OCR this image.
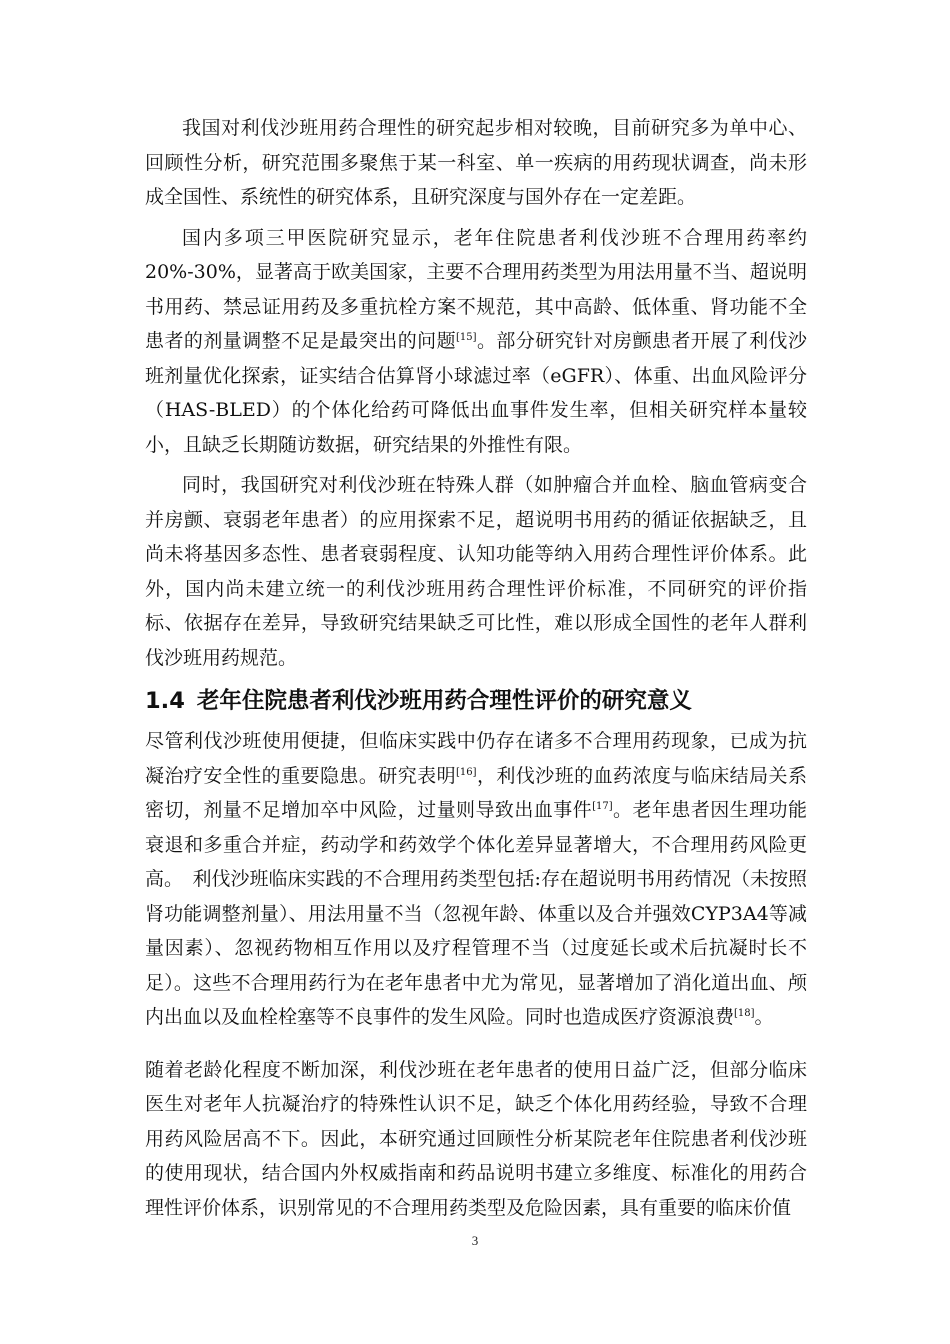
我国对利伐沙班用药合理性的研究起步相对较晚，目前研究多为单中心、回顾性分析，研究范围多聚焦于某一科室、单一疾病的用药现状调查，尚未形成全国性、系统性的研究体系，且研究深度与国外存在一定差距。

国内多项三甲医院研究显示，老年住院患者利伐沙班不合理用药率约 20%-30%，显著高于欧美国家，主要不合理用药类型为用法用量不当、超说明书用药、禁忌证用药及多重抗栓方案不规范，其中高龄、低体重、肾功能不全患者的剂量调整不足是最突出的问题[15]。部分研究针对房颤患者开展了利伐沙班剂量优化探索，证实结合估算肾小球滤过率（eGFR）、体重、出血风险评分（HAS-BLED）的个体化给药可降低出血事件发生率，但相关研究样本量较小，且缺乏长期随访数据，研究结果的外推性有限。

同时，我国研究对利伐沙班在特殊人群（如肿瘤合并血栓、脑血管病变合并房颤、衰弱老年患者）的应用探索不足，超说明书用药的循证依据缺乏，且尚未将基因多态性、患者衰弱程度、认知功能等纳入用药合理性评价体系。此外，国内尚未建立统一的利伐沙班用药合理性评价标准，不同研究的评价指标、依据存在差异，导致研究结果缺乏可比性，难以形成全国性的老年人群利伐沙班用药规范。

1.4 老年住院患者利伐沙班用药合理性评价的研究意义

尽管利伐沙班使用便捷，但临床实践中仍存在诸多不合理用药现象，已成为抗凝治疗安全性的重要隐患。研究表明[16]，利伐沙班的血药浓度与临床结局关系密切，剂量不足增加卒中风险，过量则导致出血事件[17]。老年患者因生理功能衰退和多重合并症，药动学和药效学个体化差异显著增大，不合理用药风险更高。　利伐沙班临床实践的不合理用药类型包括:存在超说明书用药情况（未按照肾功能调整剂量）、用法用量不当（忽视年龄、体重以及合并强效CYP3A4等减量因素）、忽视药物相互作用以及疗程管理不当（过度延长或术后抗凝时长不足）。这些不合理用药行为在老年患者中尤为常见，显著增加了消化道出血、颅内出血以及血栓栓塞等不良事件的发生风险。同时也造成医疗资源浪费[18]。

随着老龄化程度不断加深，利伐沙班在老年患者的使用日益广泛，但部分临床医生对老年人抗凝治疗的特殊性认识不足，缺乏个体化用药经验，导致不合理用药风险居高不下。因此，本研究通过回顾性分析某院老年住院患者利伐沙班的使用现状，结合国内外权威指南和药品说明书建立多维度、标准化的用药合理性评价体系，识别常见的不合理用药类型及危险因素，具有重要的临床价值

3
